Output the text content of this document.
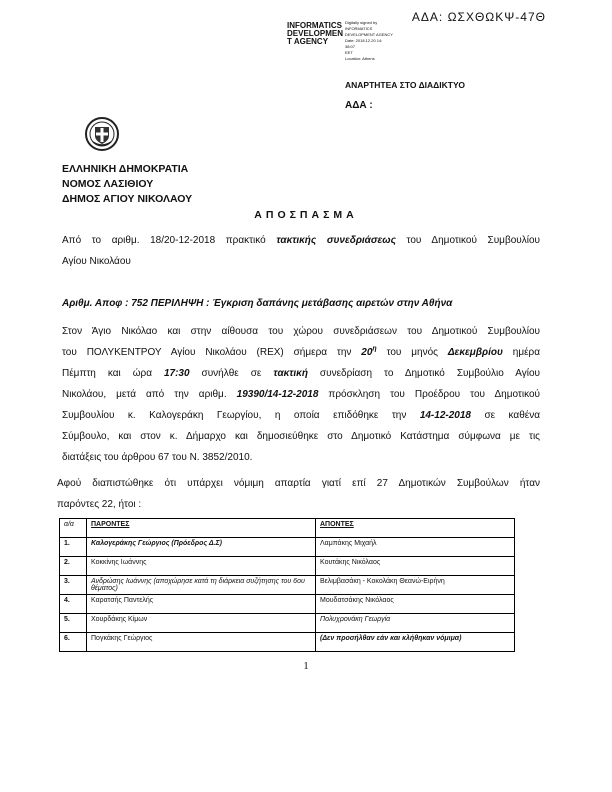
ΑΔΑ: ΩΣΧΘΩΚΨ-47Θ
INFORMATICS
DEVELOPMEN
T AGENCY
Digitally signed by
INFORMATICS
DEVELOPMENT AGENCY
Date: 2018.12.20 14:
38:07
EET
Location: Athens
ΑΝΑΡΤΗΤΕΑ ΣΤΟ ΔΙΑΔΙΚΤΥΟ
ΑΔΑ :
ΕΛΛΗΝΙΚΗ ΔΗΜΟΚΡΑΤΙΑ
ΝΟΜΟΣ ΛΑΣΙΘΙΟΥ
ΔΗΜΟΣ ΑΓΙΟΥ ΝΙΚΟΛΑΟΥ
ΑΠΟΣΠΑΣΜΑ
Από το αριθμ. 18/20-12-2018 πρακτικό τακτικής συνεδριάσεως του Δημοτικού Συμβουλίου
Αγίου Νικολάου
Αριθμ. Αποφ : 752 ΠΕΡΙΛΗΨΗ : Έγκριση δαπάνης μετάβασης αιρετών στην Αθήνα
Στον Άγιο Νικόλαο και στην αίθουσα του χώρου συνεδριάσεων του Δημοτικού Συμβουλίου
του ΠΟΛΥΚΕΝΤΡΟΥ Αγίου Νικολάου (REX) σήμερα την $20^\eta$ του μηνός Δεκεμβρίου ημέρα
Πέμπτη και ώρα 17:30 συνήλθε σε τακτική συνεδρίαση το Δημοτικό Συμβούλιο Αγίου
Νικολάου, μετά από την αριθμ. 19390/14-12-2018 πρόσκληση του Προέδρου του Δημοτικού
Συμβουλίου κ. Καλογεράκη Γεωργίου, η οποία επιδόθηκε την 14-12-2018 σε καθένα
Σύμβουλο, και στον κ. Δήμαρχο και δημοσιεύθηκε στο Δημοτικό Κατάστημα σύμφωνα με τις
διατάξεις του άρθρου 67 του Ν. 3852/2010.
Αφού διαπιστώθηκε ότι υπάρχει νόμιμη απαρτία γιατί επί 27 Δημοτικών Συμβούλων ήταν
παρόντες 22, ήτοι :
α/α	ΠΑΡΟΝΤΕΣ	ΑΠΟΝΤΕΣ
1.	Καλογεράκης Γεώργιος (Πρόεδρος Δ.Σ)	Λαμπάκης Μιχαήλ
2.	Κοκκίνης Ιωάννης	Κουτάκης Νικόλαος
3.	Ανδρώσης Ιωάννης (αποχώρησε κατά τη διάρκεια συζήτησης του 6ου θέματος)	Βελιμβασάκη - Κοκολάκη Θεανώ-Ειρήνη
4.	Καρατσής Παντελής	Μουδατσάκης Νικόλαος
5.	Χουρδάκης Κίμων	Πολυχρονάκη Γεωργία
6.	Πογκάκης Γεώργιος	(Δεν προσήλθαν εάν και κλήθηκαν νόμιμα)
1
